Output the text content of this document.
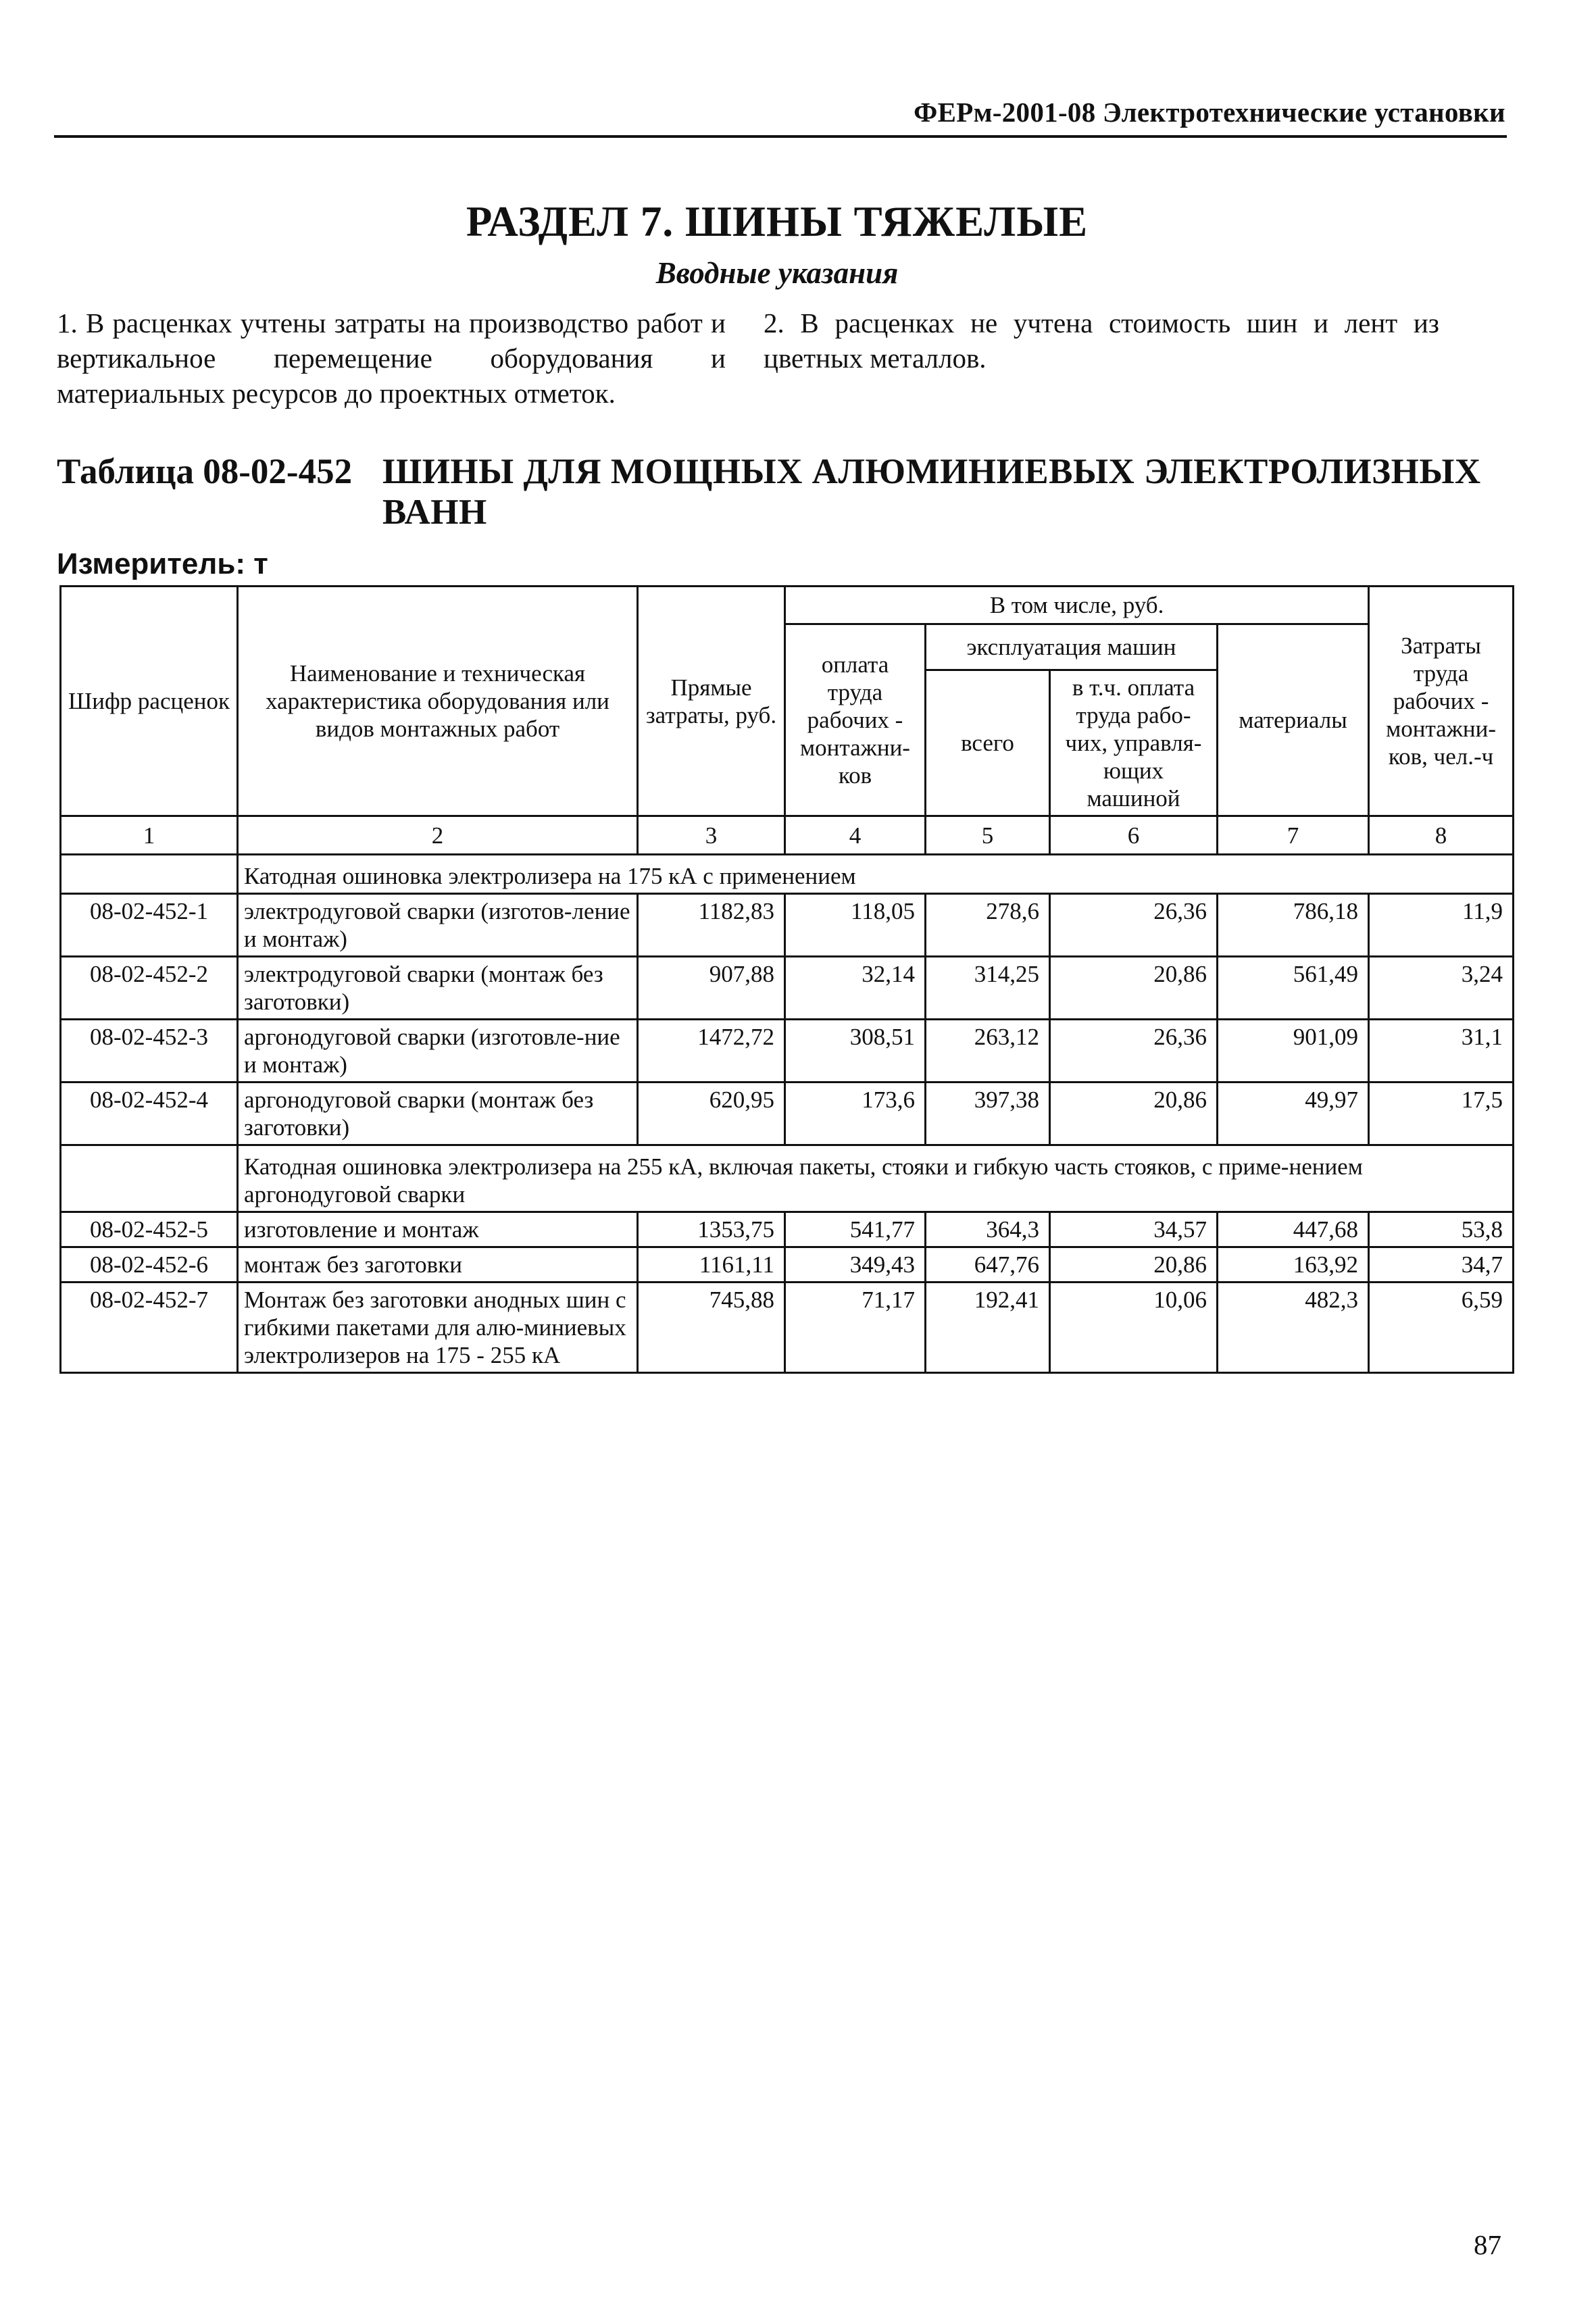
ФЕРм-2001-08 Электротехнические установки
РАЗДЕЛ 7. ШИНЫ ТЯЖЕЛЫЕ
Вводные указания
1. В расценках учтены затраты на производство работ и вертикальное перемещение оборудования и материальных ресурсов до проектных отметок.
2. В расценках не учтена стоимость шин и лент из цветных металлов.
Таблица 08-02-452 ШИНЫ ДЛЯ МОЩНЫХ АЛЮМИНИЕВЫХ ЭЛЕКТРОЛИЗНЫХ ВАНН
Измеритель: т
Шифр расценок	Наименование и техническая характеристика оборудования или видов монтажных работ	Прямые затраты, руб.	В том числе, руб.				Затраты труда рабочих - монтажни-ков, чел.-ч
			оплата труда рабочих - монтажни-ков	эксплуатация машин		материалы	
				всего	в т.ч. оплата труда рабо-чих, управля-ющих машиной		

1	2	3	4	5	6	7	8
	Катодная ошиновка электролизера на 175 кА с применением						
08-02-452-1	электродуговой сварки (изготов-ление и монтаж)	1182,83	118,05	278,6	26,36	786,18	11,9
08-02-452-2	электродуговой сварки (монтаж без заготовки)	907,88	32,14	314,25	20,86	561,49	3,24
08-02-452-3	аргонодуговой сварки (изготовле-ние и монтаж)	1472,72	308,51	263,12	26,36	901,09	31,1
08-02-452-4	аргонодуговой сварки (монтаж без заготовки)	620,95	173,6	397,38	20,86	49,97	17,5
	Катодная ошиновка электролизера на 255 кА, включая пакеты, стояки и гибкую часть стояков, с приме-нением аргонодуговой сварки						
08-02-452-5	изготовление и монтаж	1353,75	541,77	364,3	34,57	447,68	53,8
08-02-452-6	монтаж без заготовки	1161,11	349,43	647,76	20,86	163,92	34,7
08-02-452-7	Монтаж без заготовки анодных шин с гибкими пакетами для алю-миниевых электролизеров на 175 - 255 кА	745,88	71,17	192,41	10,06	482,3	6,59
87
